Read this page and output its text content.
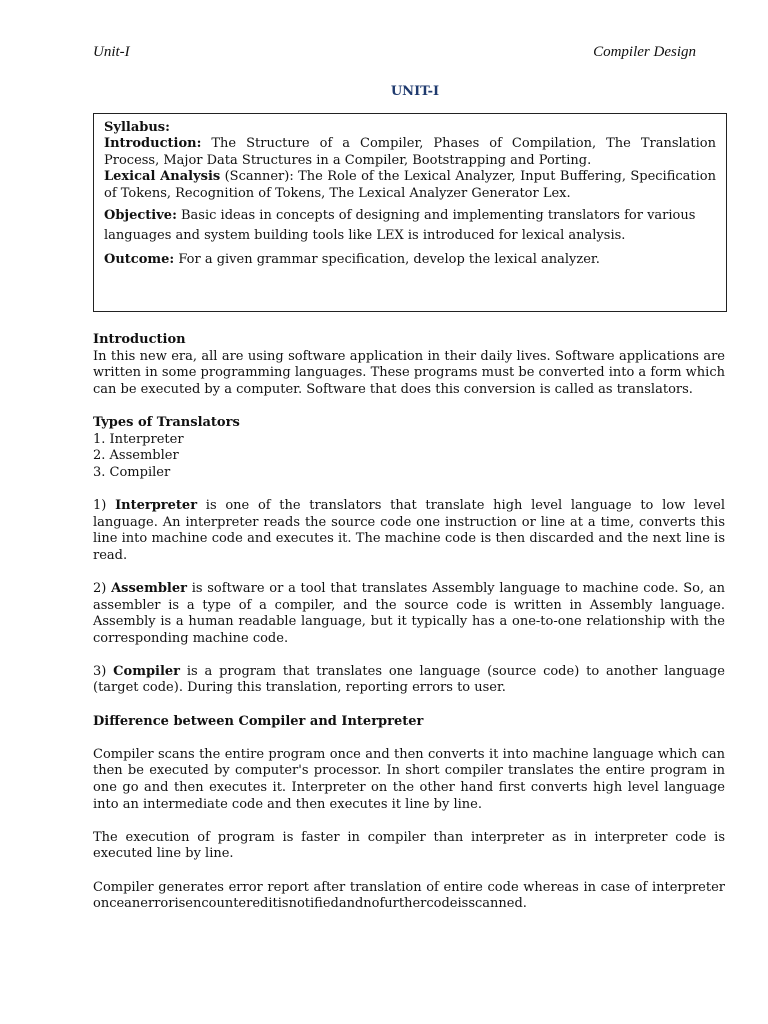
Unit-I	Compiler Design
UNIT-I

Syllabus:

Introduction: The Structure of a Compiler, Phases of Compilation, The Translation Process, Major Data Structures in a Compiler, Bootstrapping and Porting.

Lexical Analysis (Scanner): The Role of the Lexical Analyzer, Input Buffering, Specification of Tokens, Recognition of Tokens, The Lexical Analyzer Generator Lex.

Objective: Basic ideas in concepts of designing and implementing translators for various languages and system building tools like LEX is introduced for lexical analysis.

Outcome: For a given grammar specification, develop the lexical analyzer.

Introduction

In this new era, all are using software application in their daily lives. Software applications are written in some programming languages. These programs must be converted into a form which can be executed by a computer. Software that does this conversion is called as translators.

Types of Translators

1. Interpreter

2. Assembler

3. Compiler

1) Interpreter is one of the translators that translate high level language to low level language. An interpreter reads the source code one instruction or line at a time, converts this line into machine code and executes it. The machine code is then discarded and the next line is read.

2) Assembler is software or a tool that translates Assembly language to machine code. So, an assembler is a type of a compiler, and the source code is written in Assembly language. Assembly is a human readable language, but it typically has a one-to-one relationship with the corresponding machine code.

3) Compiler is a program that translates one language (source code) to another language (target code). During this translation, reporting errors to user.

Difference between Compiler and Interpreter

Compiler scans the entire program once and then converts it into machine language which can then be executed by computer's processor. In short compiler translates the entire program in one go and then executes it. Interpreter on the other hand first converts high level language into an intermediate code and then executes it line by line.

The execution of program is faster in compiler than interpreter as in interpreter code is executed line by line.

Compiler generates error report after translation of entire code whereas in case of interpreteronceanerrorisencountereditisnotifiedandnofurthercodeisscanned.
